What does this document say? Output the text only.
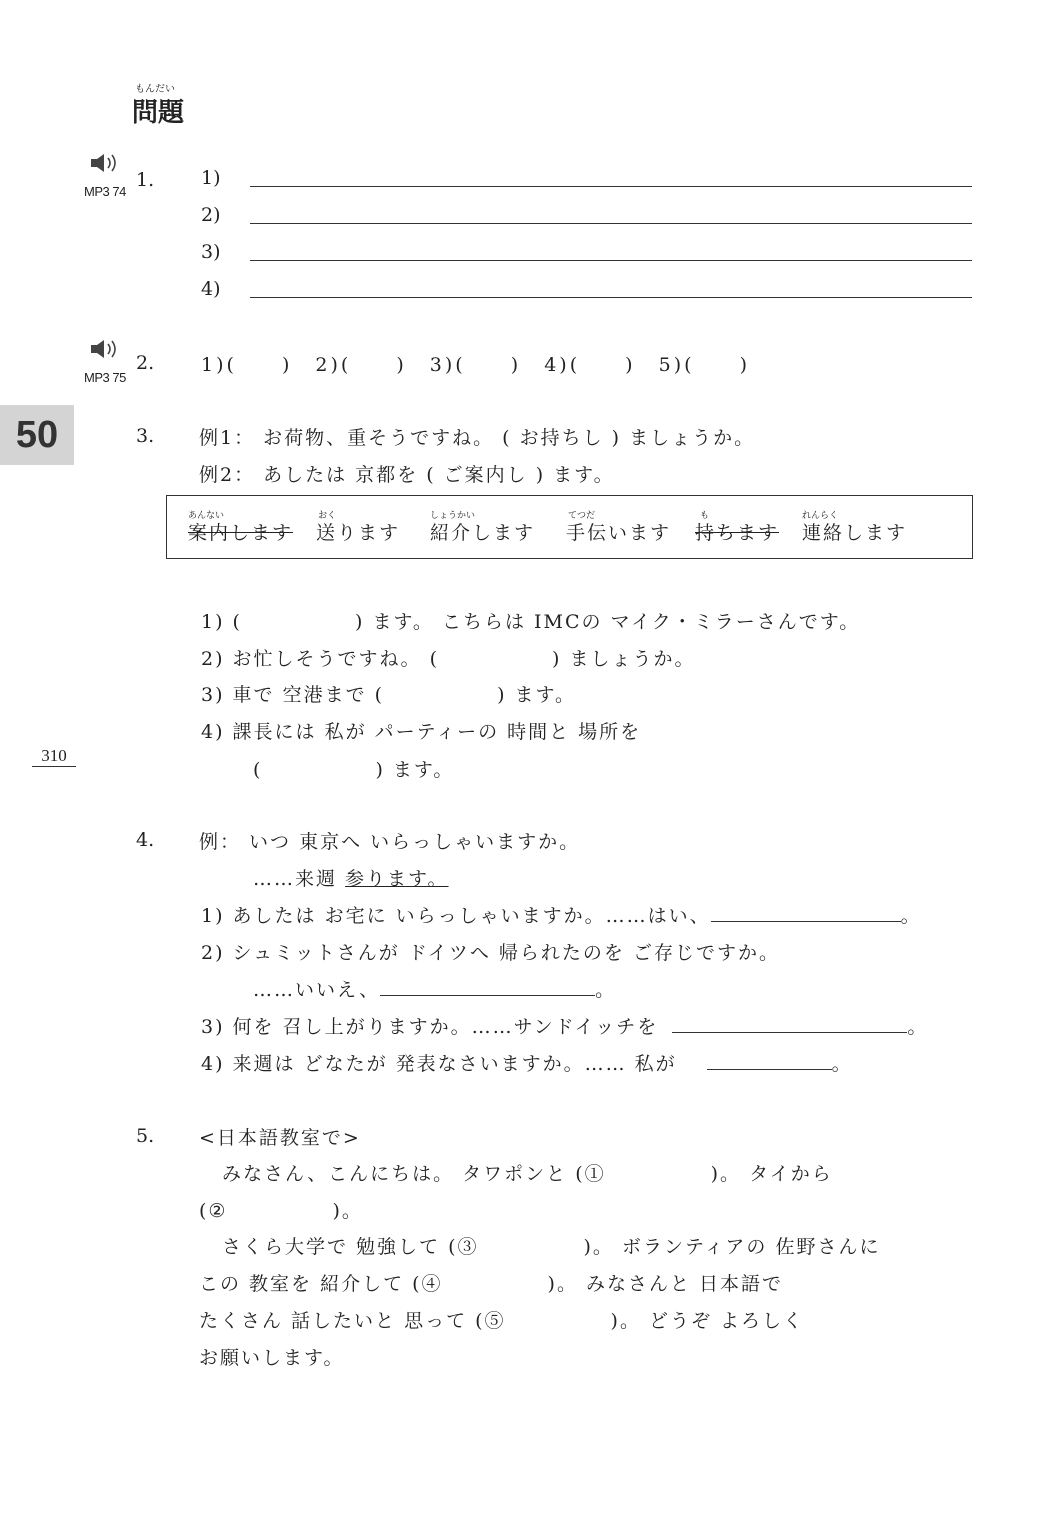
もんだい
問題
50
310
MP3 74
1. 1)
2)
3)
4)
MP3 75
2. 1)(　 ) 2)(　 ) 3)(　 ) 4)(　 ) 5)(　 )
3. 例1： お荷物、重そうですね。 ( お持ちし ) ましょうか。
例2： あしたは 京都を ( ご案内し ) ます。
あんない
案内します
おく
送ります
しょうかい
紹介します
てつだ
手伝います
も
持ちます
れんらく
連絡します
1) (　　　　　 ) ます。 こちらは IMCの マイク・ミラーさんです。
2) お忙しそうですね。 (　　　　　 ) ましょうか。
3) 車で 空港まで (　　　　　 ) ます。
4) 課長には 私が パーティーの 時間と 場所を
(　　　　　 ) ます。
4. 例： いつ 東京へ いらっしゃいますか。
……来週 参ります。
1) あしたは お宅に いらっしゃいますか。……はい、	。
2) シュミットさんが ドイツへ 帰られたのを ご存じですか。
……いいえ、	。
3) 何を 召し上がりますか。……サンドイッチを	。
4) 来週は どなたが 発表なさいますか。…… 私が	。
5. <日本語教室で>
みなさん、こんにちは。 タワポンと (①　　　　　)。 タイから
(②　　　　　)。
さくら大学で 勉強して (③　　　　　)。 ボランティアの 佐野さんに
この 教室を 紹介して (④　　　　　)。 みなさんと 日本語で
たくさん 話したいと 思って (⑤　　　　　)。 どうぞ よろしく
お願いします。
